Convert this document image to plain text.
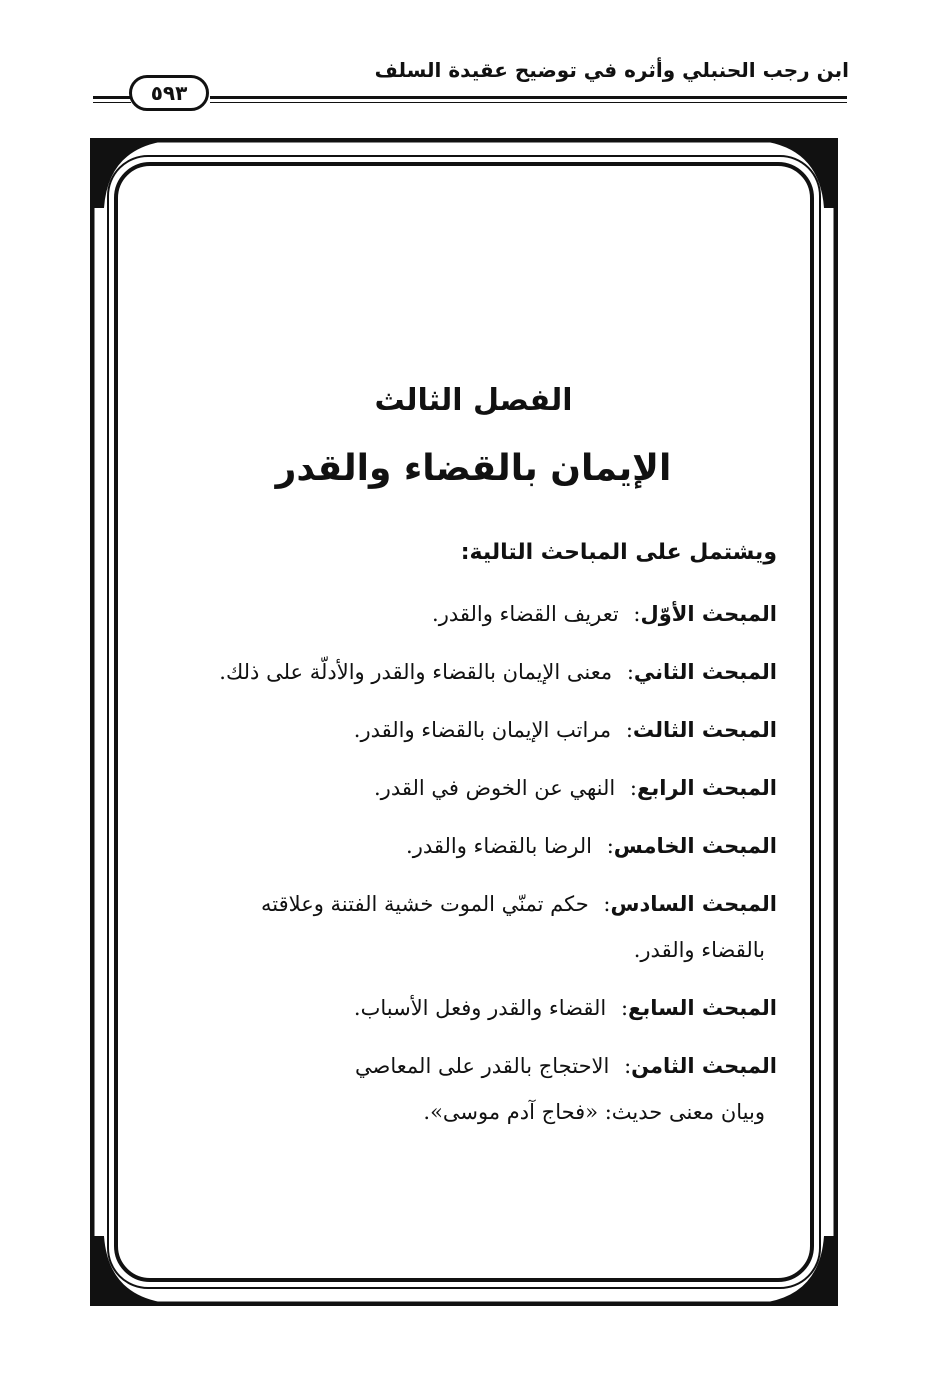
ابن رجب الحنبلي وأثره في توضيح عقيدة السلف
٥٩٣
الفصل الثالث
الإيمان بالقضاء والقدر
ويشتمل على المباحث التالية:
المبحث الأوّل: تعريف القضاء والقدر.
المبحث الثاني: معنى الإيمان بالقضاء والقدر والأدلّة على ذلك.
المبحث الثالث: مراتب الإيمان بالقضاء والقدر.
المبحث الرابع: النهي عن الخوض في القدر.
المبحث الخامس: الرضا بالقضاء والقدر.
المبحث السادس: حكم تمنّي الموت خشية الفتنة وعلاقته
بالقضاء والقدر.
المبحث السابع: القضاء والقدر وفعل الأسباب.
المبحث الثامن: الاحتجاج بالقدر على المعاصي
وبيان معنى حديث: «فحاج آدم موسى».
